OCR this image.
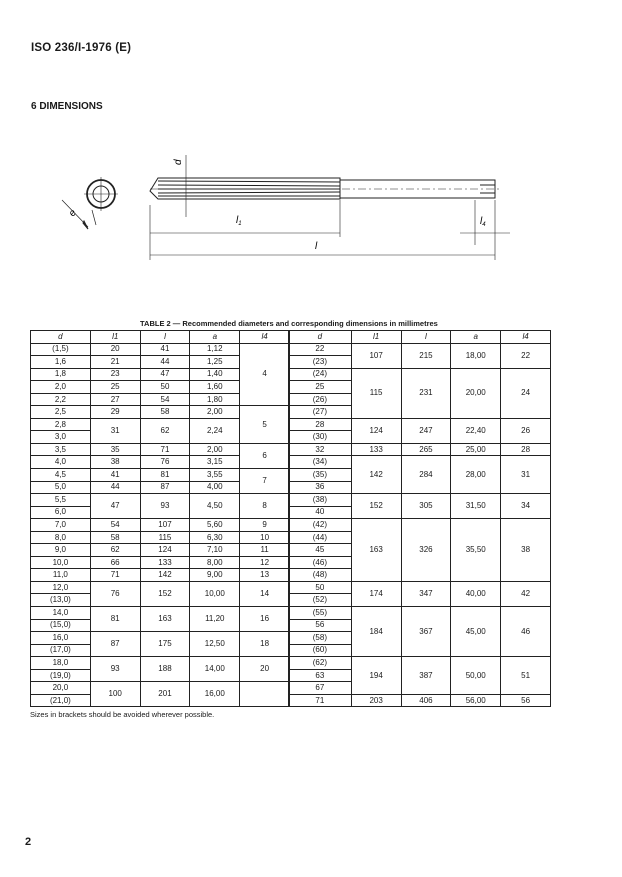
ISO 236/I-1976 (E)
6 DIMENSIONS
e
d
$l_1$	$l_4$
l
TABLE 2 — Recommended diameters and corresponding dimensions in millimetres
d	l1	l	a	l4
(1,5)	20	41	1,12	4
1,6	21	44	1,25	
1,8	23	47	1,40	
2,0	25	50	1,60	
2,2	27	54	1,80	
2,5	29	58	2,00	5
2,8	31	62	2,24	
3,0				
3,5	35	71	2,00	6
4,0	38	76	3,15	
4,5	41	81	3,55	7
5,0	44	87	4,00	
5,5	47	93	4,50	8
6,0				
7,0	54	107	5,60	9
8,0	58	115	6,30	10
9,0	62	124	7,10	11
10,0	66	133	8,00	12
11,0	71	142	9,00	13
12,0	76	152	10,00	14
(13,0)				
14,0	81	163	11,20	16
(15,0)				
16,0	87	175	12,50	18
(17,0)				
18,0	93	188	14,00	20
(19,0)				
20,0	100	201	16,00	
(21,0)				
d	l1	l	a	l4
22	107	215	18,00	22
(23)				
(24)	115	231	20,00	24
25				
(26)				
(27)				
28	124	247	22,40	26
(30)				
32	133	265	25,00	28
(34)	142	284	28,00	31
(35)				
36				
(38)	152	305	31,50	34
40				
(42)	163	326	35,50	38
(44)				
45				
(46)				
(48)				
50	174	347	40,00	42
(52)				
(55)	184	367	45,00	46
56				
(58)				
(60)				
(62)	194	387	50,00	51
63				
67				
71	203	406	56,00	56
Sizes in brackets should be avoided wherever possible.
2
